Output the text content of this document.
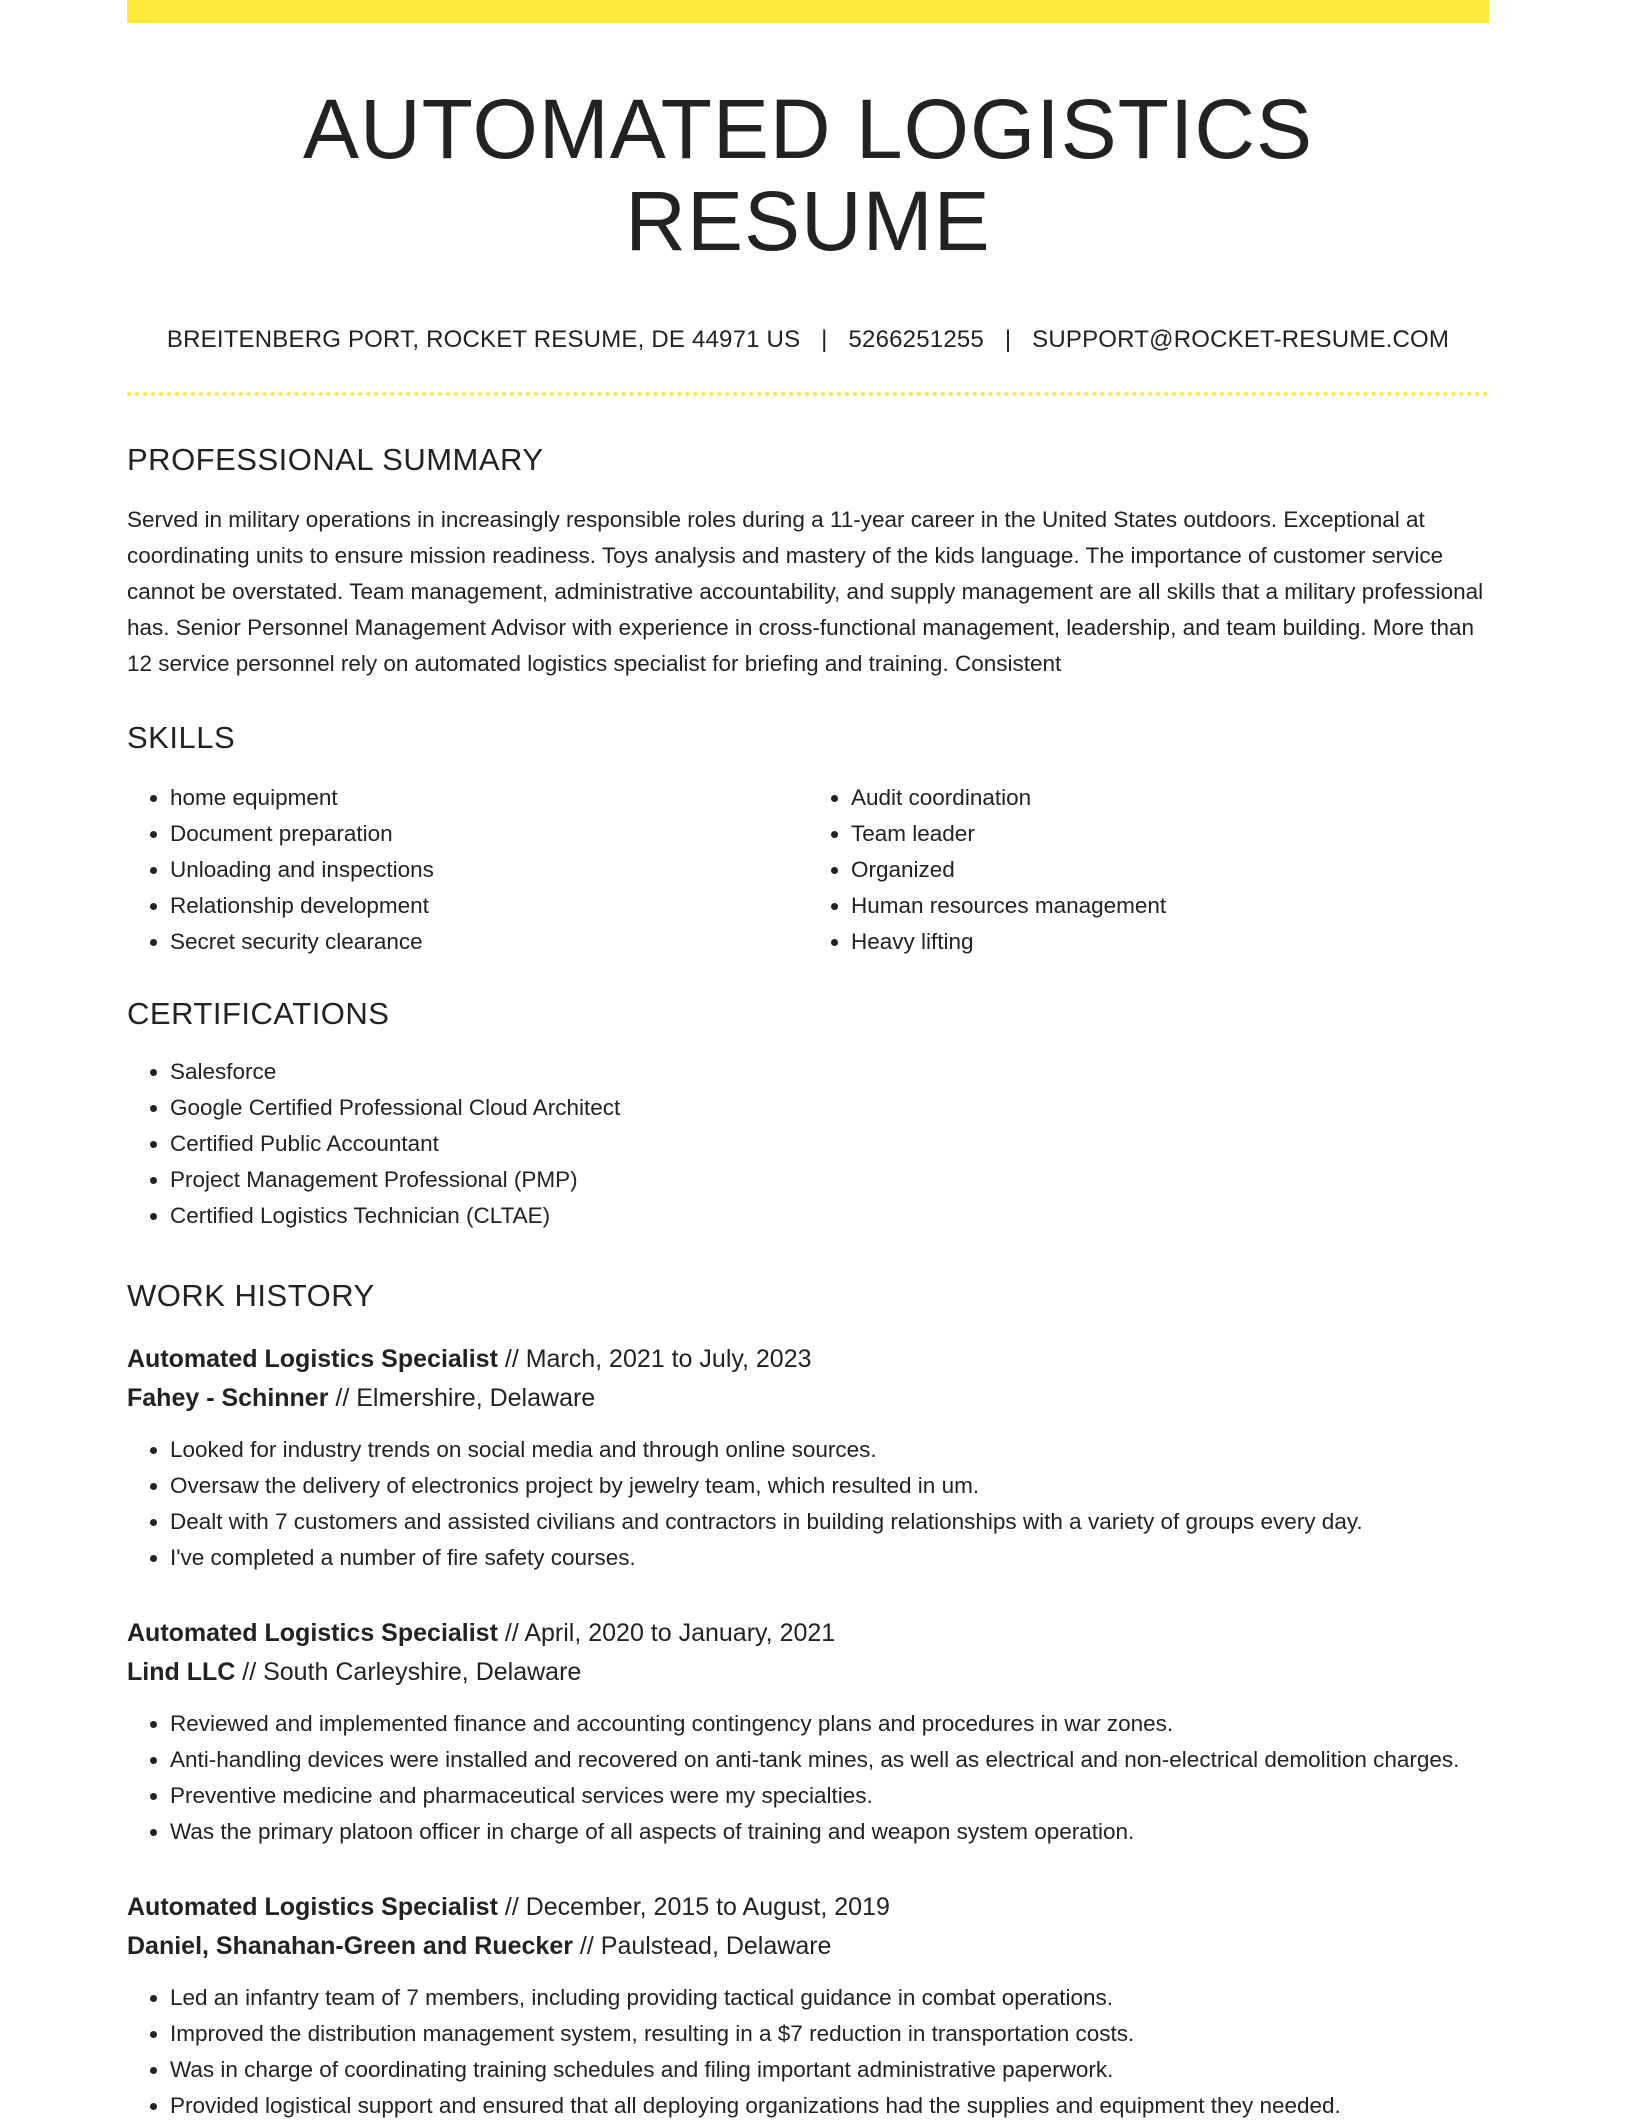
AUTOMATED LOGISTICS RESUME
BREITENBERG PORT, ROCKET RESUME, DE 44971 US | 5266251255 | SUPPORT@ROCKET-RESUME.COM
PROFESSIONAL SUMMARY
Served in military operations in increasingly responsible roles during a 11-year career in the United States outdoors. Exceptional at coordinating units to ensure mission readiness. Toys analysis and mastery of the kids language. The importance of customer service cannot be overstated. Team management, administrative accountability, and supply management are all skills that a military professional has. Senior Personnel Management Advisor with experience in cross-functional management, leadership, and team building. More than 12 service personnel rely on automated logistics specialist for briefing and training. Consistent
SKILLS
• home equipment
• Document preparation
• Unloading and inspections
• Relationship development
• Secret security clearance
• Audit coordination
• Team leader
• Organized
• Human resources management
• Heavy lifting
CERTIFICATIONS
• Salesforce
• Google Certified Professional Cloud Architect
• Certified Public Accountant
• Project Management Professional (PMP)
• Certified Logistics Technician (CLTAE)
WORK HISTORY
Automated Logistics Specialist // March, 2021 to July, 2023
Fahey - Schinner // Elmershire, Delaware
• Looked for industry trends on social media and through online sources.
• Oversaw the delivery of electronics project by jewelry team, which resulted in um.
• Dealt with 7 customers and assisted civilians and contractors in building relationships with a variety of groups every day.
• I've completed a number of fire safety courses.
Automated Logistics Specialist // April, 2020 to January, 2021
Lind LLC // South Carleyshire, Delaware
• Reviewed and implemented finance and accounting contingency plans and procedures in war zones.
• Anti-handling devices were installed and recovered on anti-tank mines, as well as electrical and non-electrical demolition charges.
• Preventive medicine and pharmaceutical services were my specialties.
• Was the primary platoon officer in charge of all aspects of training and weapon system operation.
Automated Logistics Specialist // December, 2015 to August, 2019
Daniel, Shanahan-Green and Ruecker // Paulstead, Delaware
• Led an infantry team of 7 members, including providing tactical guidance in combat operations.
• Improved the distribution management system, resulting in a $7 reduction in transportation costs.
• Was in charge of coordinating training schedules and filing important administrative paperwork.
• Provided logistical support and ensured that all deploying organizations had the supplies and equipment they needed.
